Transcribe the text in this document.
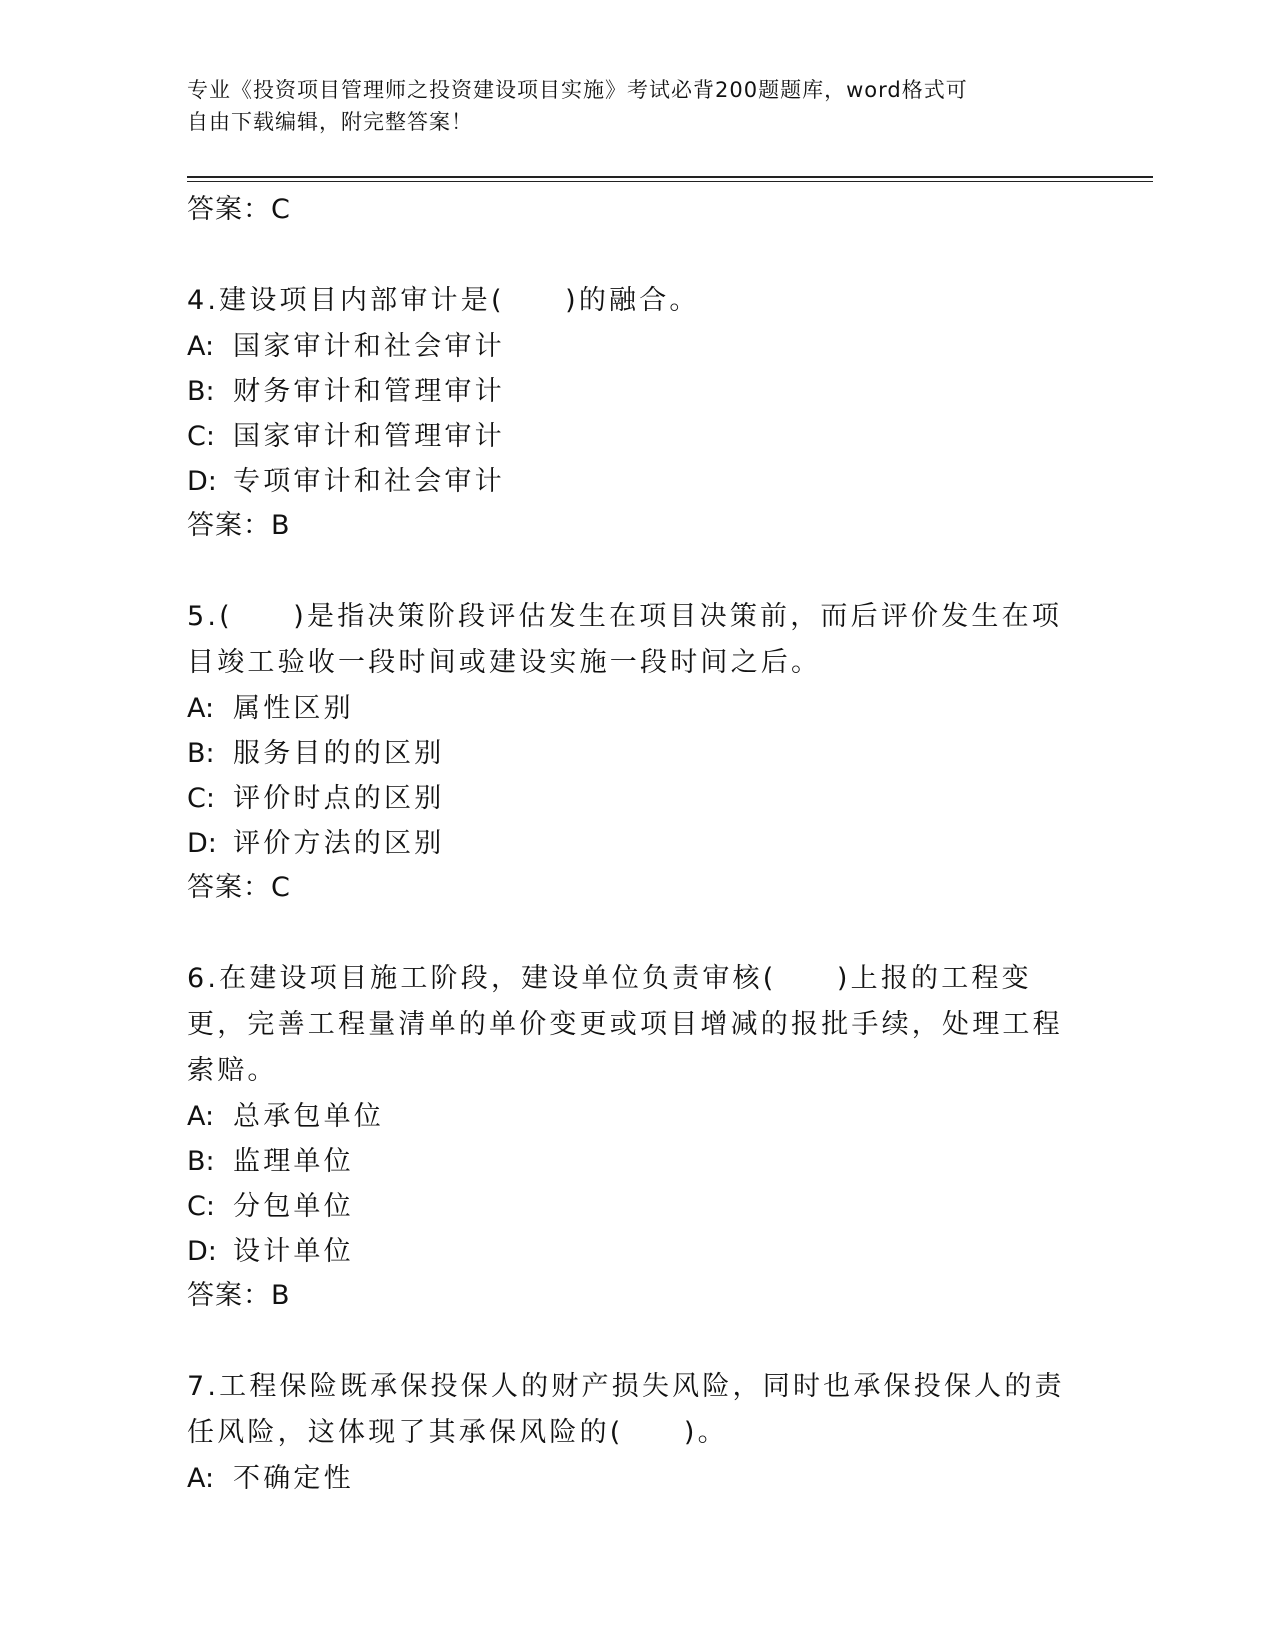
专业《投资项目管理师之投资建设项目实施》考试必背200题题库，word格式可
自由下载编辑，附完整答案！
答案：C
4.建设项目内部审计是(　　)的融合。
A: 国家审计和社会审计
B: 财务审计和管理审计
C: 国家审计和管理审计
D: 专项审计和社会审计
答案：B
5.(　　)是指决策阶段评估发生在项目决策前，而后评价发生在项目竣工验收一段时间或建设实施一段时间之后。
A: 属性区别
B: 服务目的的区别
C: 评价时点的区别
D: 评价方法的区别
答案：C
6.在建设项目施工阶段，建设单位负责审核(　　)上报的工程变更，完善工程量清单的单价变更或项目增减的报批手续，处理工程索赔。
A: 总承包单位
B: 监理单位
C: 分包单位
D: 设计单位
答案：B
7.工程保险既承保投保人的财产损失风险，同时也承保投保人的责任风险，这体现了其承保风险的(　　)。
A: 不确定性
